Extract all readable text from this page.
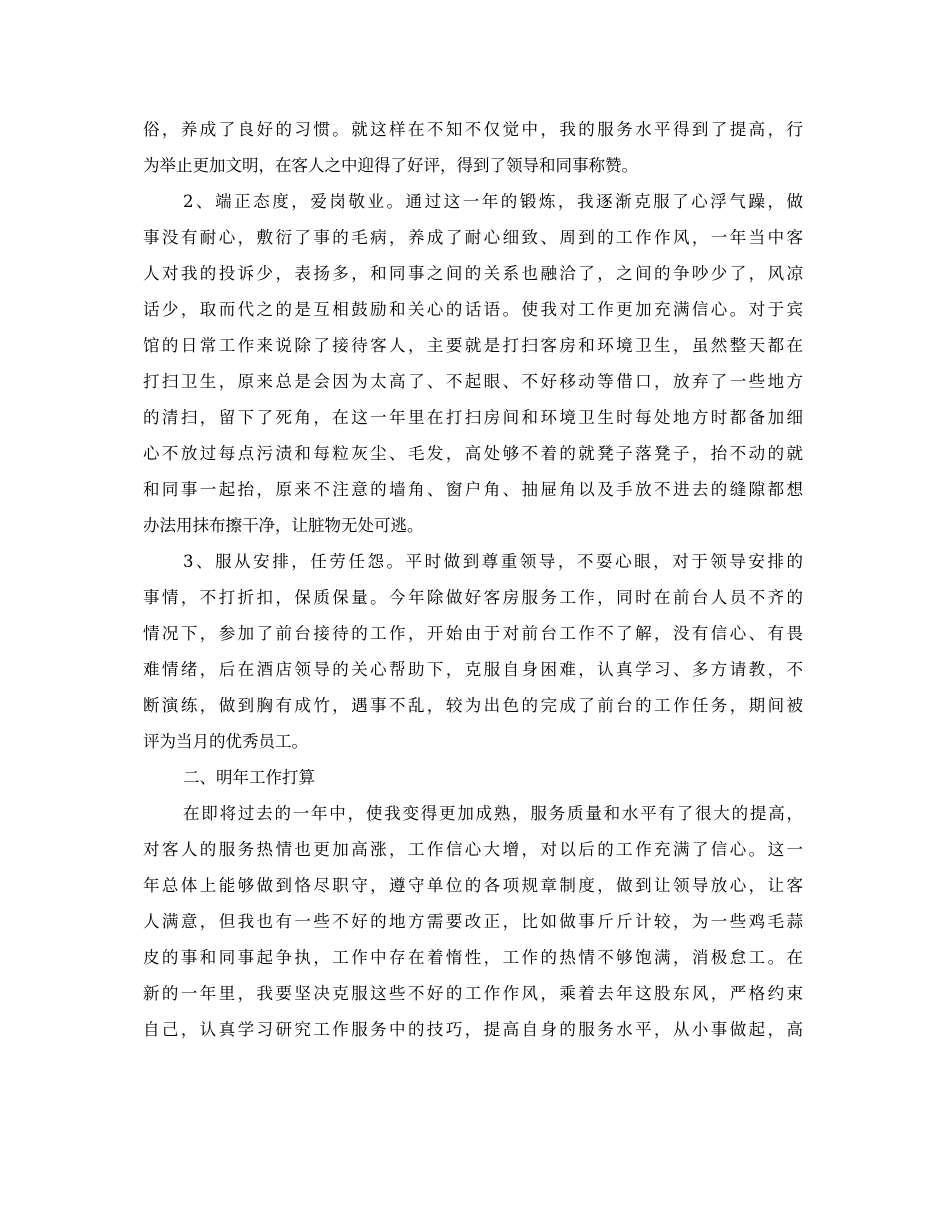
俗，养成了良好的习惯。就这样在不知不仅觉中，我的服务水平得到了提高，行
为举止更加文明，在客人之中迎得了好评，得到了领导和同事称赞。
2、端正态度，爱岗敬业。通过这一年的锻炼，我逐渐克服了心浮气躁，做
事没有耐心，敷衍了事的毛病，养成了耐心细致、周到的工作作风，一年当中客
人对我的投诉少，表扬多，和同事之间的关系也融洽了，之间的争吵少了，风凉
话少，取而代之的是互相鼓励和关心的话语。使我对工作更加充满信心。对于宾
馆的日常工作来说除了接待客人，主要就是打扫客房和环境卫生，虽然整天都在
打扫卫生，原来总是会因为太高了、不起眼、不好移动等借口，放弃了一些地方
的清扫，留下了死角，在这一年里在打扫房间和环境卫生时每处地方时都备加细
心不放过每点污渍和每粒灰尘、毛发，高处够不着的就凳子落凳子，抬不动的就
和同事一起抬，原来不注意的墙角、窗户角、抽屉角以及手放不进去的缝隙都想
办法用抹布擦干净，让脏物无处可逃。
3、服从安排，任劳任怨。平时做到尊重领导，不耍心眼，对于领导安排的
事情，不打折扣，保质保量。今年除做好客房服务工作，同时在前台人员不齐的
情况下，参加了前台接待的工作，开始由于对前台工作不了解，没有信心、有畏
难情绪，后在酒店领导的关心帮助下，克服自身困难，认真学习、多方请教，不
断演练，做到胸有成竹，遇事不乱，较为出色的完成了前台的工作任务，期间被
评为当月的优秀员工。
二、明年工作打算
在即将过去的一年中，使我变得更加成熟，服务质量和水平有了很大的提高，
对客人的服务热情也更加高涨，工作信心大增，对以后的工作充满了信心。这一
年总体上能够做到恪尽职守，遵守单位的各项规章制度，做到让领导放心，让客
人满意，但我也有一些不好的地方需要改正，比如做事斤斤计较，为一些鸡毛蒜
皮的事和同事起争执，工作中存在着惰性，工作的热情不够饱满，消极怠工。在
新的一年里，我要坚决克服这些不好的工作作风，乘着去年这股东风，严格约束
自己，认真学习研究工作服务中的技巧，提高自身的服务水平，从小事做起，高
